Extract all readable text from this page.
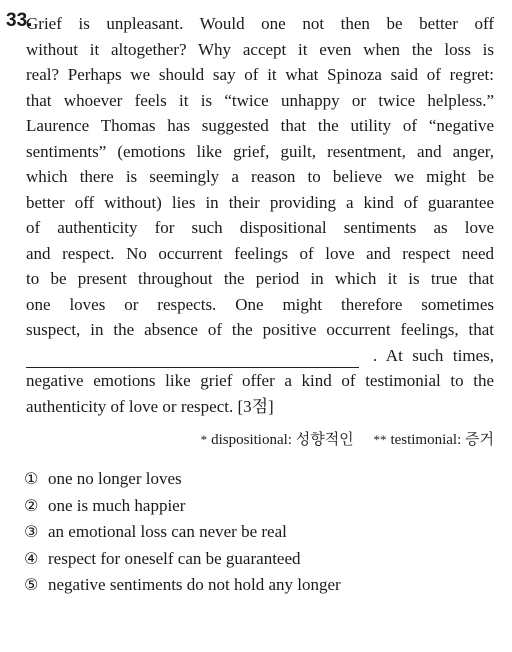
33.
Grief is unpleasant. Would one not then be better off
without it altogether? Why accept it even when the loss is
real? Perhaps we should say of it what Spinoza said of regret:
that whoever feels it is “twice unhappy or twice helpless.”
Laurence Thomas has suggested that the utility of “negative
sentiments” (emotions like grief, guilt, resentment, and anger,
which there is seemingly a reason to believe we might be
better off without) lies in their providing a kind of guarantee
of authenticity for such dispositional sentiments as love
and respect. No occurrent feelings of love and respect need
to be present throughout the period in which it is true that
one loves or respects. One might therefore sometimes
suspect, in the absence of the positive occurrent feelings, that
. At such times,
negative emotions like grief offer a kind of testimonial to the
authenticity of love or respect. [3점]
* dispositional: 성향적인 ** testimonial: 증거
① one no longer loves
② one is much happier
③ an emotional loss can never be real
④ respect for oneself can be guaranteed
⑤ negative sentiments do not hold any longer
